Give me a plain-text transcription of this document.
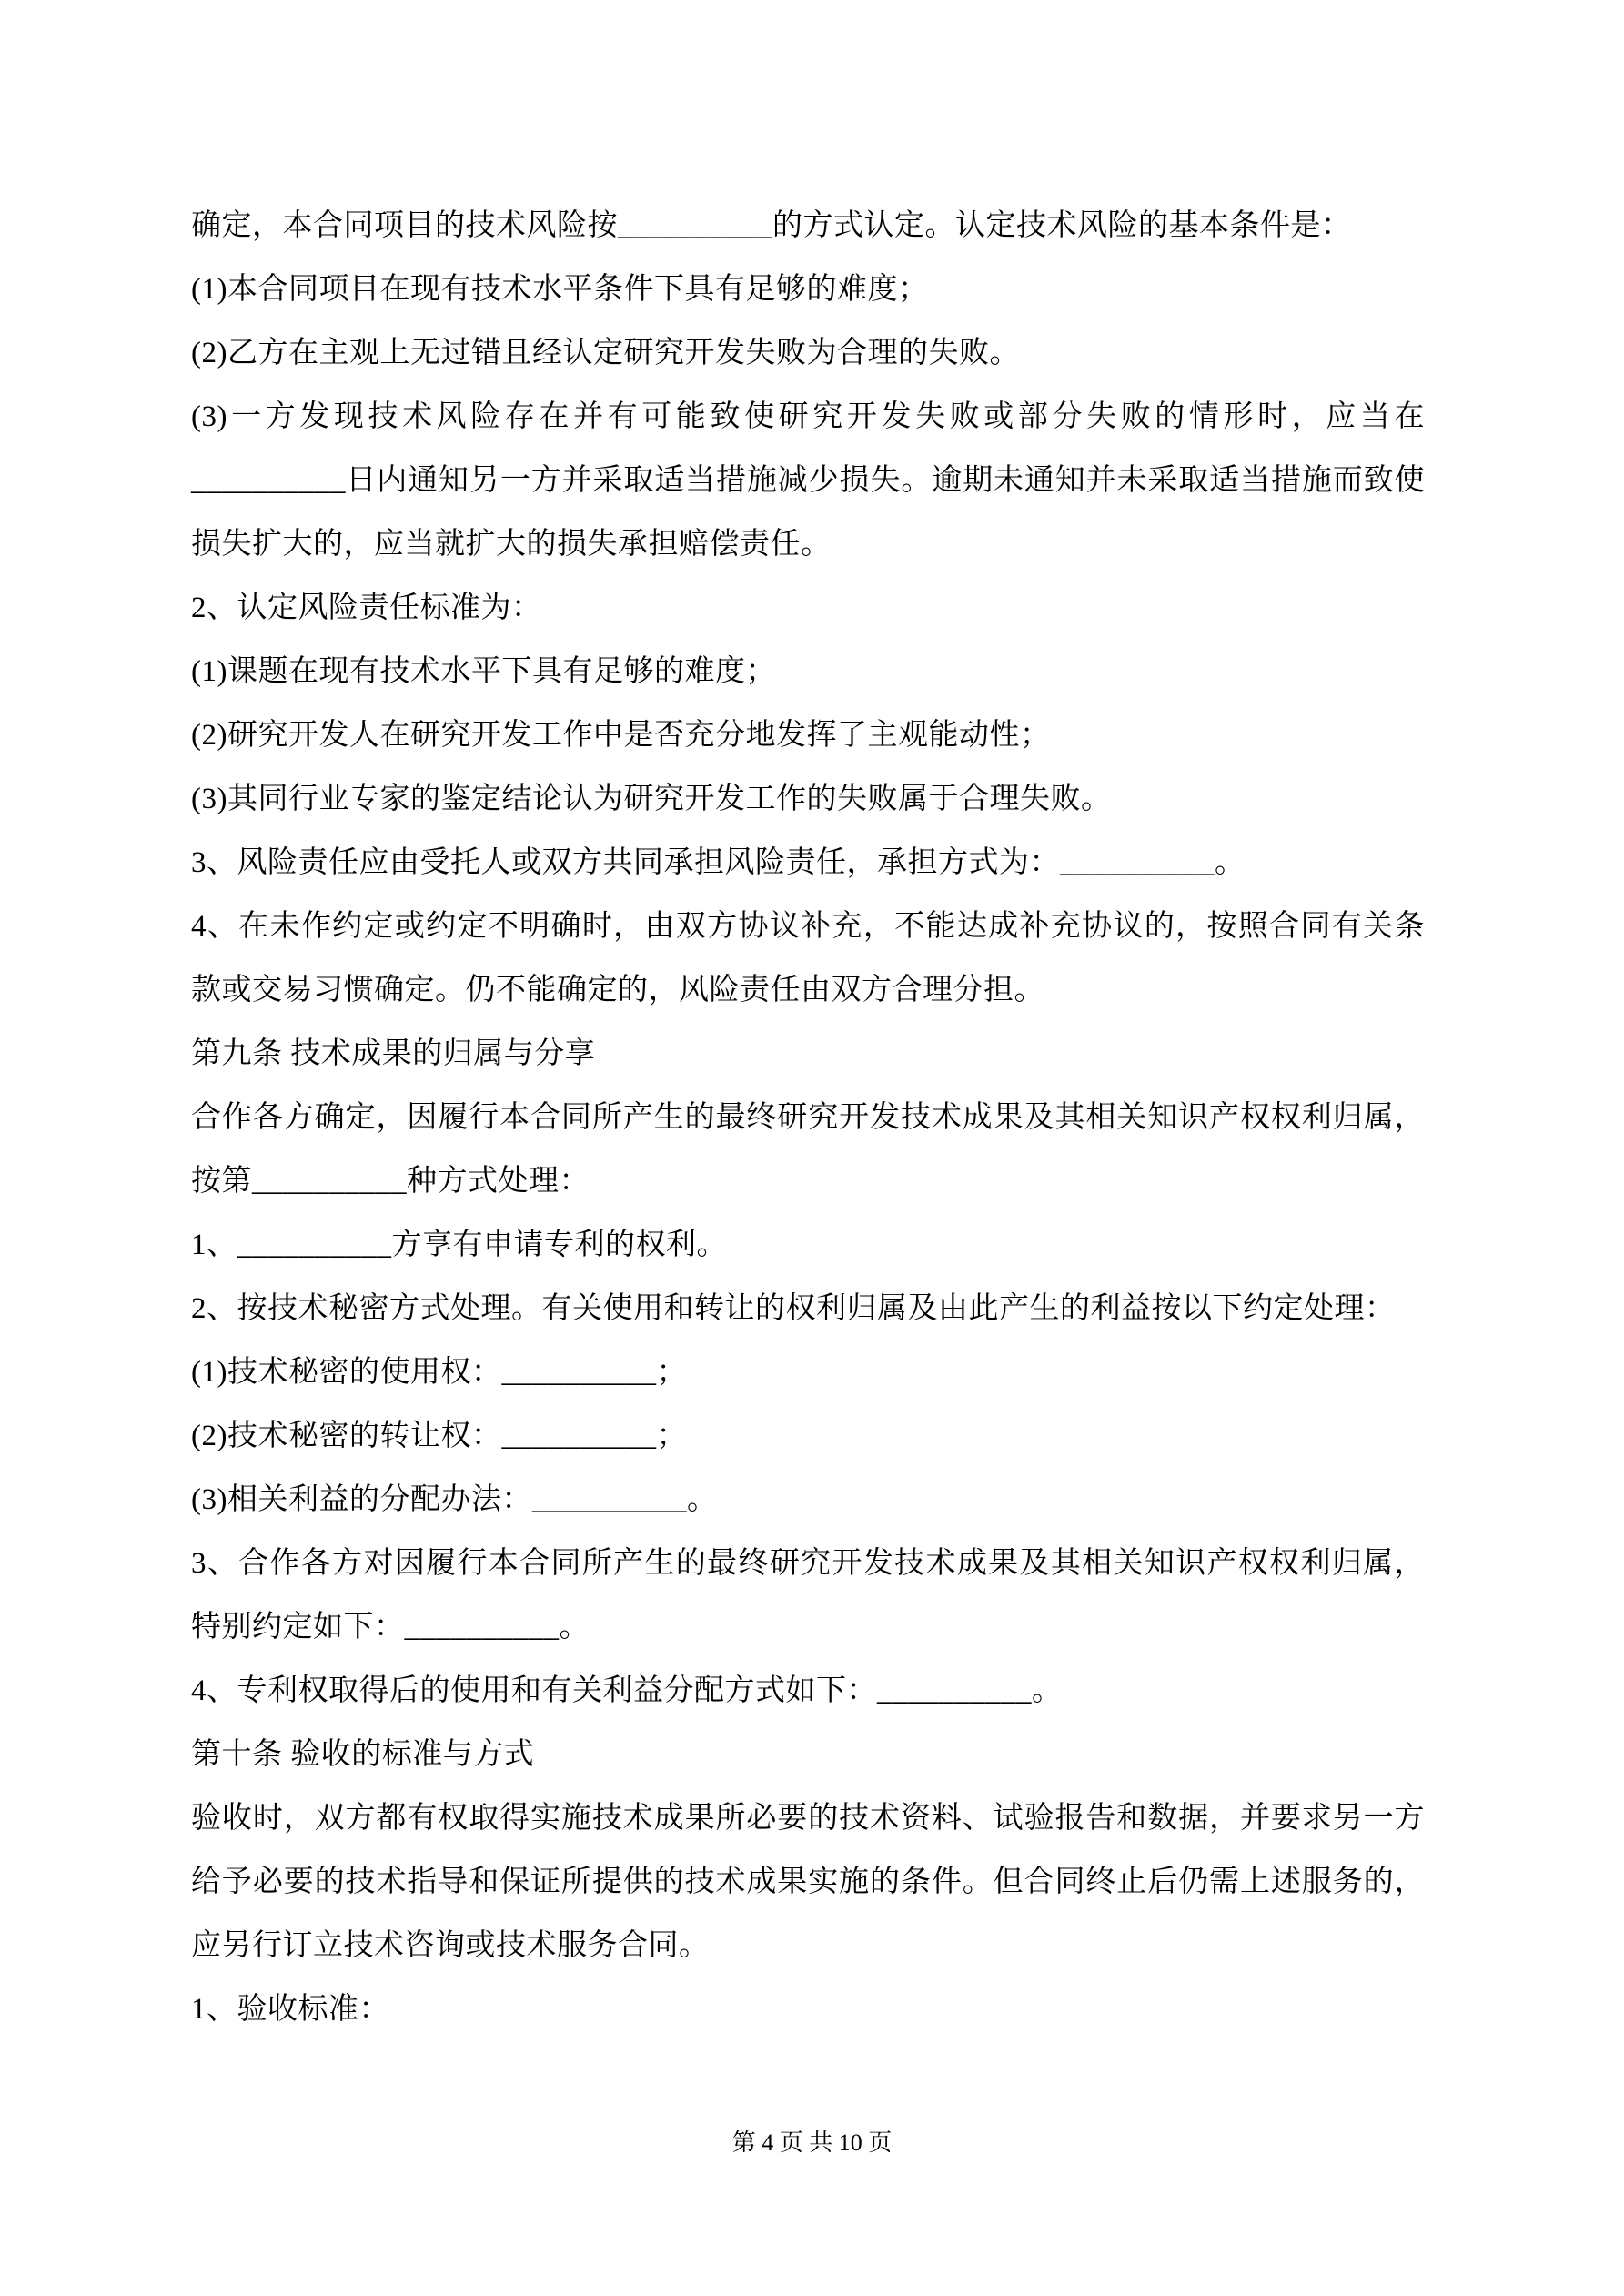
确定，本合同项目的技术风险按__________的方式认定。认定技术风险的基本条件是：

(1)本合同项目在现有技术水平条件下具有足够的难度；

(2)乙方在主观上无过错且经认定研究开发失败为合理的失败。

(3)一方发现技术风险存在并有可能致使研究开发失败或部分失败的情形时，应当在__________日内通知另一方并采取适当措施减少损失。逾期未通知并未采取适当措施而致使损失扩大的，应当就扩大的损失承担赔偿责任。

2、认定风险责任标准为：

(1)课题在现有技术水平下具有足够的难度；

(2)研究开发人在研究开发工作中是否充分地发挥了主观能动性；

(3)其同行业专家的鉴定结论认为研究开发工作的失败属于合理失败。

3、风险责任应由受托人或双方共同承担风险责任，承担方式为：__________。

4、在未作约定或约定不明确时，由双方协议补充，不能达成补充协议的，按照合同有关条款或交易习惯确定。仍不能确定的，风险责任由双方合理分担。

第九条 技术成果的归属与分享

合作各方确定，因履行本合同所产生的最终研究开发技术成果及其相关知识产权权利归属，按第__________种方式处理：

1、__________方享有申请专利的权利。

2、按技术秘密方式处理。有关使用和转让的权利归属及由此产生的利益按以下约定处理：

(1)技术秘密的使用权：__________；

(2)技术秘密的转让权：__________；

(3)相关利益的分配办法：__________。

3、合作各方对因履行本合同所产生的最终研究开发技术成果及其相关知识产权权利归属，特别约定如下：__________。

4、专利权取得后的使用和有关利益分配方式如下：__________。

第十条 验收的标准与方式

验收时，双方都有权取得实施技术成果所必要的技术资料、试验报告和数据，并要求另一方给予必要的技术指导和保证所提供的技术成果实施的条件。但合同终止后仍需上述服务的，应另行订立技术咨询或技术服务合同。

1、验收标准：

第 4 页 共 10 页
